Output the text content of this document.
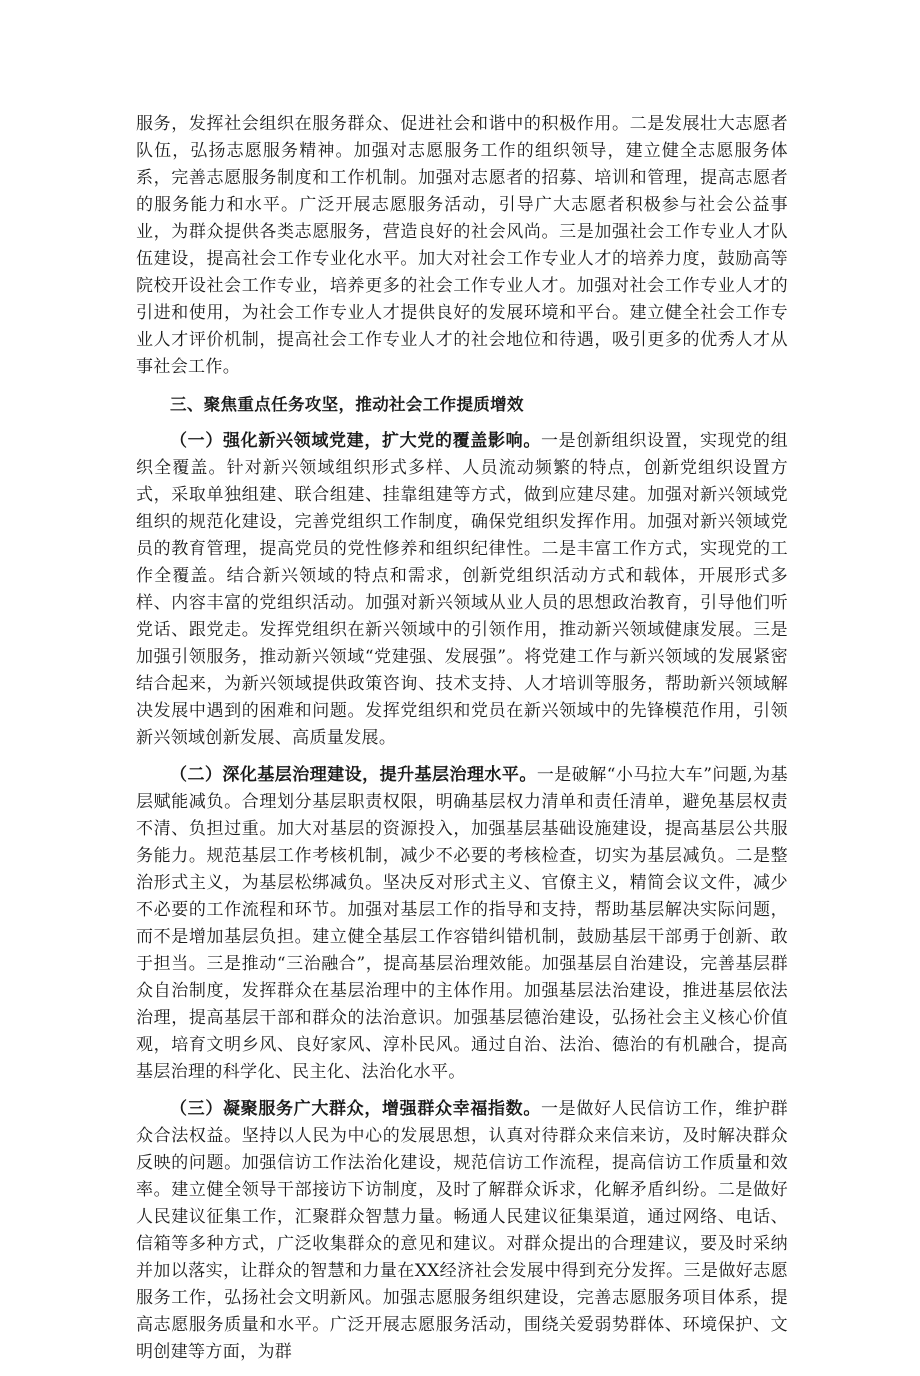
服务，发挥社会组织在服务群众、促进社会和谐中的积极作用。二是发展壮大志愿者队伍，弘扬志愿服务精神。加强对志愿服务工作的组织领导，建立健全志愿服务体系，完善志愿服务制度和工作机制。加强对志愿者的招募、培训和管理，提高志愿者的服务能力和水平。广泛开展志愿服务活动，引导广大志愿者积极参与社会公益事业，为群众提供各类志愿服务，营造良好的社会风尚。三是加强社会工作专业人才队伍建设，提高社会工作专业化水平。加大对社会工作专业人才的培养力度，鼓励高等院校开设社会工作专业，培养更多的社会工作专业人才。加强对社会工作专业人才的引进和使用，为社会工作专业人才提供良好的发展环境和平台。建立健全社会工作专业人才评价机制，提高社会工作专业人才的社会地位和待遇，吸引更多的优秀人才从事社会工作。

三、聚焦重点任务攻坚，推动社会工作提质增效

（一）强化新兴领域党建，扩大党的覆盖影响。一是创新组织设置，实现党的组织全覆盖。针对新兴领域组织形式多样、人员流动频繁的特点，创新党组织设置方式，采取单独组建、联合组建、挂靠组建等方式，做到应建尽建。加强对新兴领域党组织的规范化建设，完善党组织工作制度，确保党组织发挥作用。加强对新兴领域党员的教育管理，提高党员的党性修养和组织纪律性。二是丰富工作方式，实现党的工作全覆盖。结合新兴领域的特点和需求，创新党组织活动方式和载体，开展形式多样、内容丰富的党组织活动。加强对新兴领域从业人员的思想政治教育，引导他们听党话、跟党走。发挥党组织在新兴领域中的引领作用，推动新兴领域健康发展。三是加强引领服务，推动新兴领域“党建强、发展强”。将党建工作与新兴领域的发展紧密结合起来，为新兴领域提供政策咨询、技术支持、人才培训等服务，帮助新兴领域解决发展中遇到的困难和问题。发挥党组织和党员在新兴领域中的先锋模范作用，引领新兴领域创新发展、高质量发展。

（二）深化基层治理建设，提升基层治理水平。一是破解“小马拉大车”问题,为基层赋能减负。合理划分基层职责权限，明确基层权力清单和责任清单，避免基层权责不清、负担过重。加大对基层的资源投入，加强基层基础设施建设，提高基层公共服务能力。规范基层工作考核机制，减少不必要的考核检查，切实为基层减负。二是整治形式主义，为基层松绑减负。坚决反对形式主义、官僚主义，精简会议文件，减少不必要的工作流程和环节。加强对基层工作的指导和支持，帮助基层解决实际问题，而不是增加基层负担。建立健全基层工作容错纠错机制，鼓励基层干部勇于创新、敢于担当。三是推动“三治融合”，提高基层治理效能。加强基层自治建设，完善基层群众自治制度，发挥群众在基层治理中的主体作用。加强基层法治建设，推进基层依法治理，提高基层干部和群众的法治意识。加强基层德治建设，弘扬社会主义核心价值观，培育文明乡风、良好家风、淳朴民风。通过自治、法治、德治的有机融合，提高基层治理的科学化、民主化、法治化水平。

（三）凝聚服务广大群众，增强群众幸福指数。一是做好人民信访工作，维护群众合法权益。坚持以人民为中心的发展思想，认真对待群众来信来访，及时解决群众反映的问题。加强信访工作法治化建设，规范信访工作流程，提高信访工作质量和效率。建立健全领导干部接访下访制度，及时了解群众诉求，化解矛盾纠纷。二是做好人民建议征集工作，汇聚群众智慧力量。畅通人民建议征集渠道，通过网络、电话、信箱等多种方式，广泛收集群众的意见和建议。对群众提出的合理建议，要及时采纳并加以落实，让群众的智慧和力量在XX经济社会发展中得到充分发挥。三是做好志愿服务工作，弘扬社会文明新风。加强志愿服务组织建设，完善志愿服务项目体系，提高志愿服务质量和水平。广泛开展志愿服务活动，围绕关爱弱势群体、环境保护、文明创建等方面，为群
